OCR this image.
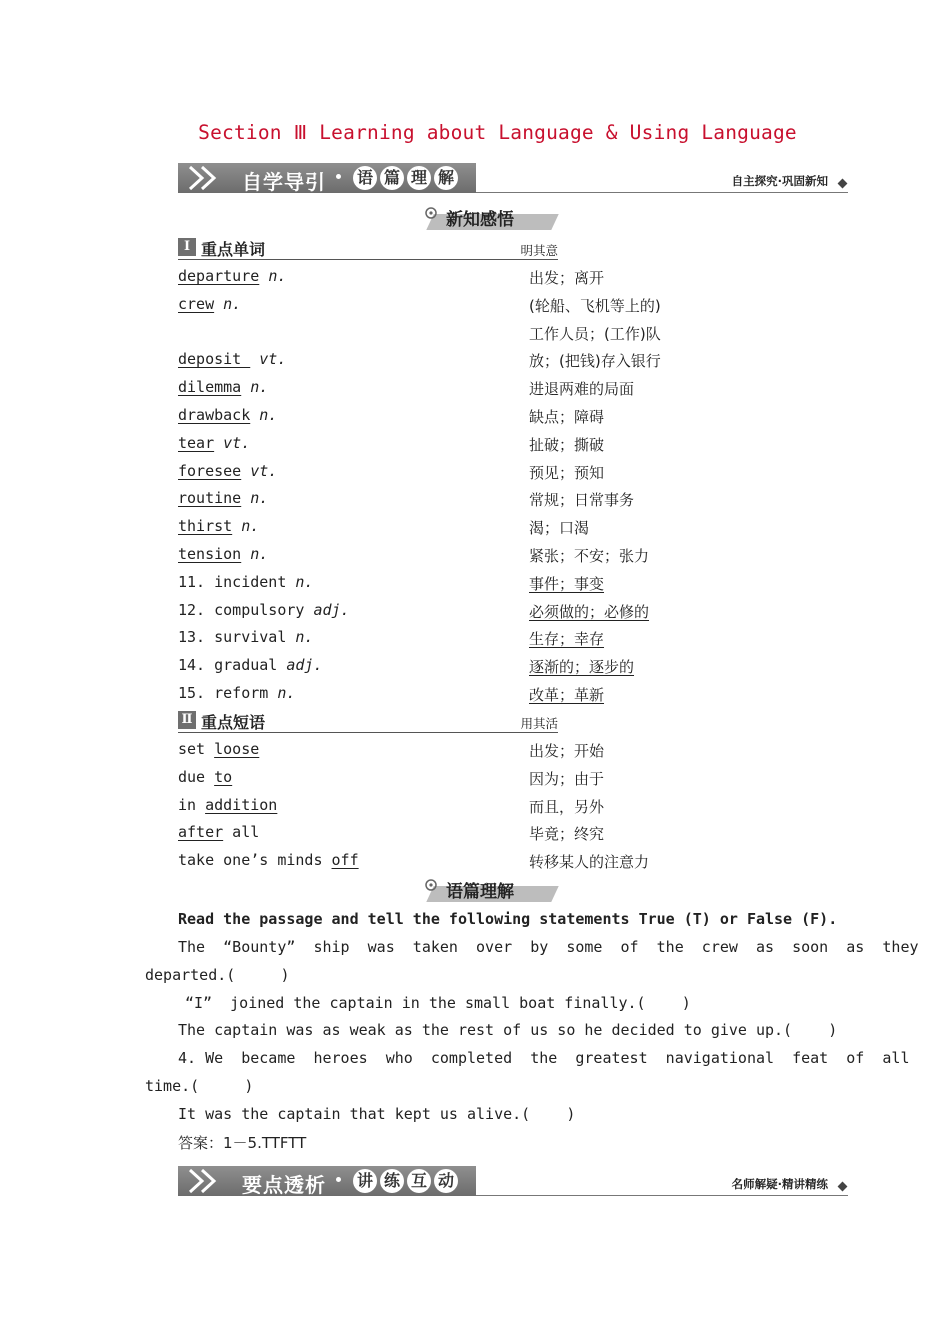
Section Ⅲ Learning about Language & Using Language
自学导引 语 篇 理 解	自主探究·巩固新知
新知感悟
Ⅰ 重点单词	明其意
departure n.	出发；离开
crew n.	(轮船、飞机等上的)

工作人员；(工作)队
deposit  vt.	放；(把钱)存入银行
dilemma n.	进退两难的局面
drawback n.	缺点；障碍
tear vt.	扯破；撕破
foresee vt.	预见；预知
routine n.	常规；日常事务
thirst n.	渴；口渴
tension n.	紧张；不安；张力
11. incident n.	事件；事变
12. compulsory adj.	必须做的；必修的
13. survival n.	生存；幸存
14. gradual adj.	逐渐的；逐步的
15. reform n.	改革；革新
Ⅱ 重点短语	用其活
set loose	出发；开始
due to	因为；由于
in addition	而且，另外
after all	毕竟；终究
take one’s minds off	转移某人的注意力
语篇理解
Read the passage and tell the following statements True (T) or False (F).
The  “Bounty”  ship  was  taken  over  by  some  of  the  crew  as  soon  as  they
departed.(     )
“I”  joined the captain in the small boat finally.(    )
The captain was as weak as the rest of us so he decided to give up.(    )
4. We  became  heroes  who  completed  the  greatest  navigational  feat  of  all
time.(     )
It was the captain that kept us alive.(    )
答案：1－5.TTFTT
要点透析 讲 练 互 动	名师解疑·精讲精练
